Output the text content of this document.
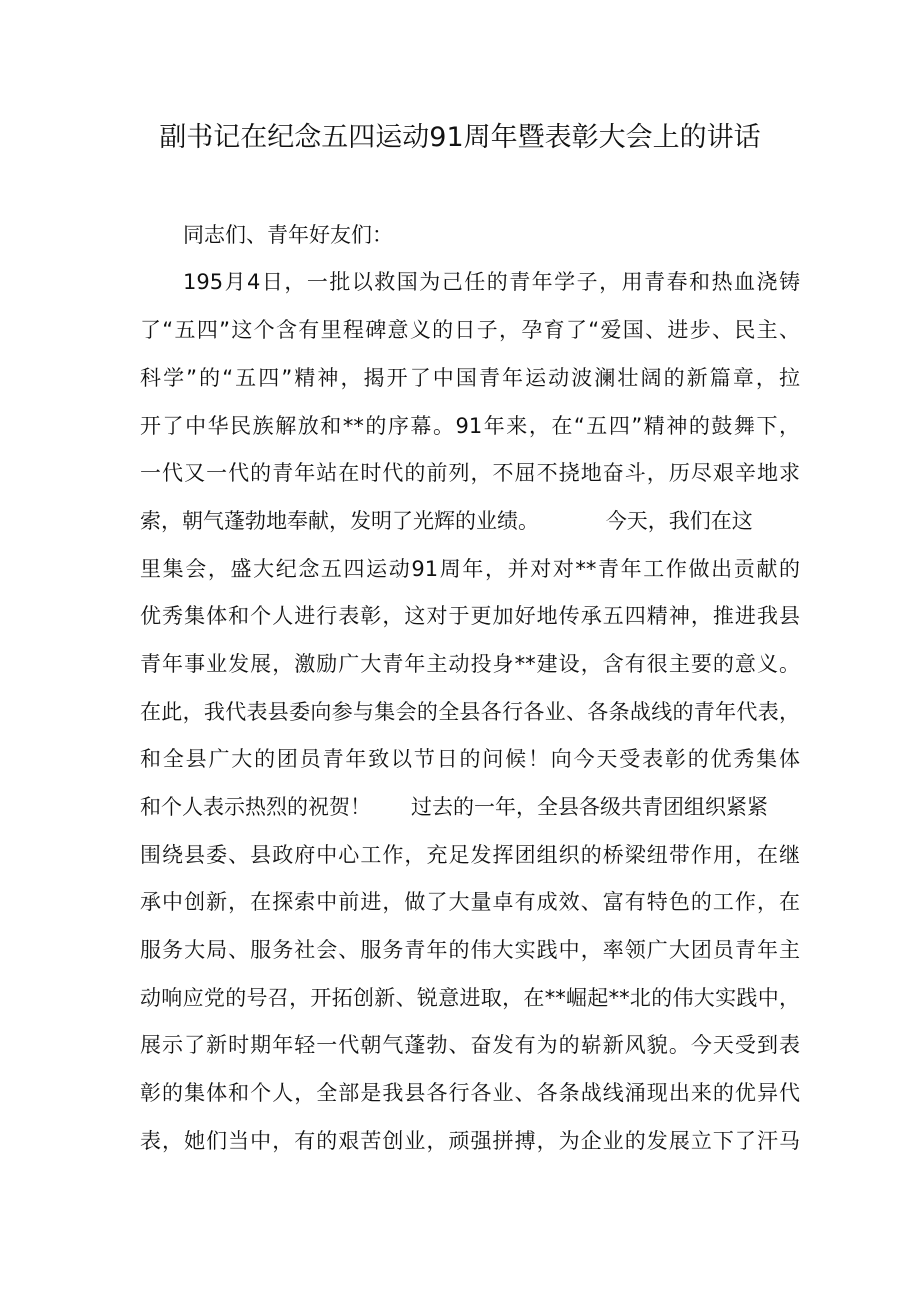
副书记在纪念五四运动91周年暨表彰大会上的讲话
同志们、青年好友们：
195月4日，一批以救国为己任的青年学子，用青春和热血浇铸
了“五四”这个含有里程碑意义的日子，孕育了“爱国、进步、民主、
科学”的“五四”精神，揭开了中国青年运动波澜壮阔的新篇章，拉
开了中华民族解放和**的序幕。91年来，在“五四”精神的鼓舞下，
一代又一代的青年站在时代的前列，不屈不挠地奋斗，历尽艰辛地求
索，朝气蓬勃地奉献，发明了光辉的业绩。          今天，我们在这
里集会，盛大纪念五四运动91周年，并对对**青年工作做出贡献的
优秀集体和个人进行表彰，这对于更加好地传承五四精神，推进我县
青年事业发展，激励广大青年主动投身**建设，含有很主要的意义。
在此，我代表县委向参与集会的全县各行各业、各条战线的青年代表，
和全县广大的团员青年致以节日的问候！向今天受表彰的优秀集体
和个人表示热烈的祝贺！      过去的一年，全县各级共青团组织紧紧
围绕县委、县政府中心工作，充足发挥团组织的桥梁纽带作用，在继
承中创新，在探索中前进，做了大量卓有成效、富有特色的工作，在
服务大局、服务社会、服务青年的伟大实践中，率领广大团员青年主
动响应党的号召，开拓创新、锐意进取，在**崛起**北的伟大实践中，
展示了新时期年轻一代朝气蓬勃、奋发有为的崭新风貌。今天受到表
彰的集体和个人，全部是我县各行各业、各条战线涌现出来的优异代
表，她们当中，有的艰苦创业，顽强拼搏，为企业的发展立下了汗马
